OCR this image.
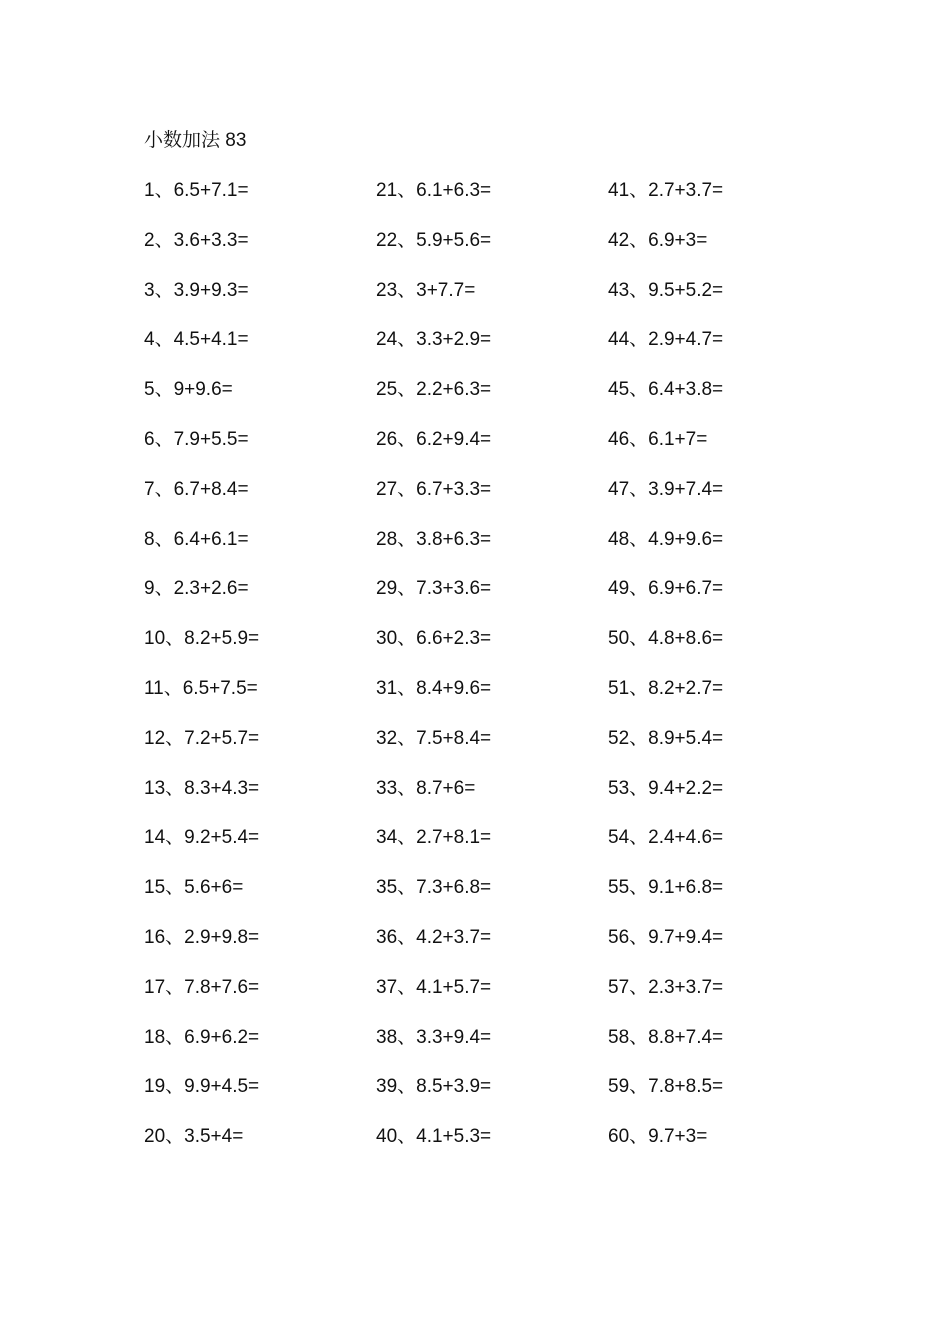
小数加法 83
1、6.5+7.1=
2、3.6+3.3=
3、3.9+9.3=
4、4.5+4.1=
5、9+9.6=
6、7.9+5.5=
7、6.7+8.4=
8、6.4+6.1=
9、2.3+2.6=
10、8.2+5.9=
11、6.5+7.5=
12、7.2+5.7=
13、8.3+4.3=
14、9.2+5.4=
15、5.6+6=
16、2.9+9.8=
17、7.8+7.6=
18、6.9+6.2=
19、9.9+4.5=
20、3.5+4=
21、6.1+6.3=
22、5.9+5.6=
23、3+7.7=
24、3.3+2.9=
25、2.2+6.3=
26、6.2+9.4=
27、6.7+3.3=
28、3.8+6.3=
29、7.3+3.6=
30、6.6+2.3=
31、8.4+9.6=
32、7.5+8.4=
33、8.7+6=
34、2.7+8.1=
35、7.3+6.8=
36、4.2+3.7=
37、4.1+5.7=
38、3.3+9.4=
39、8.5+3.9=
40、4.1+5.3=
41、2.7+3.7=
42、6.9+3=
43、9.5+5.2=
44、2.9+4.7=
45、6.4+3.8=
46、6.1+7=
47、3.9+7.4=
48、4.9+9.6=
49、6.9+6.7=
50、4.8+8.6=
51、8.2+2.7=
52、8.9+5.4=
53、9.4+2.2=
54、2.4+4.6=
55、9.1+6.8=
56、9.7+9.4=
57、2.3+3.7=
58、8.8+7.4=
59、7.8+8.5=
60、9.7+3=
